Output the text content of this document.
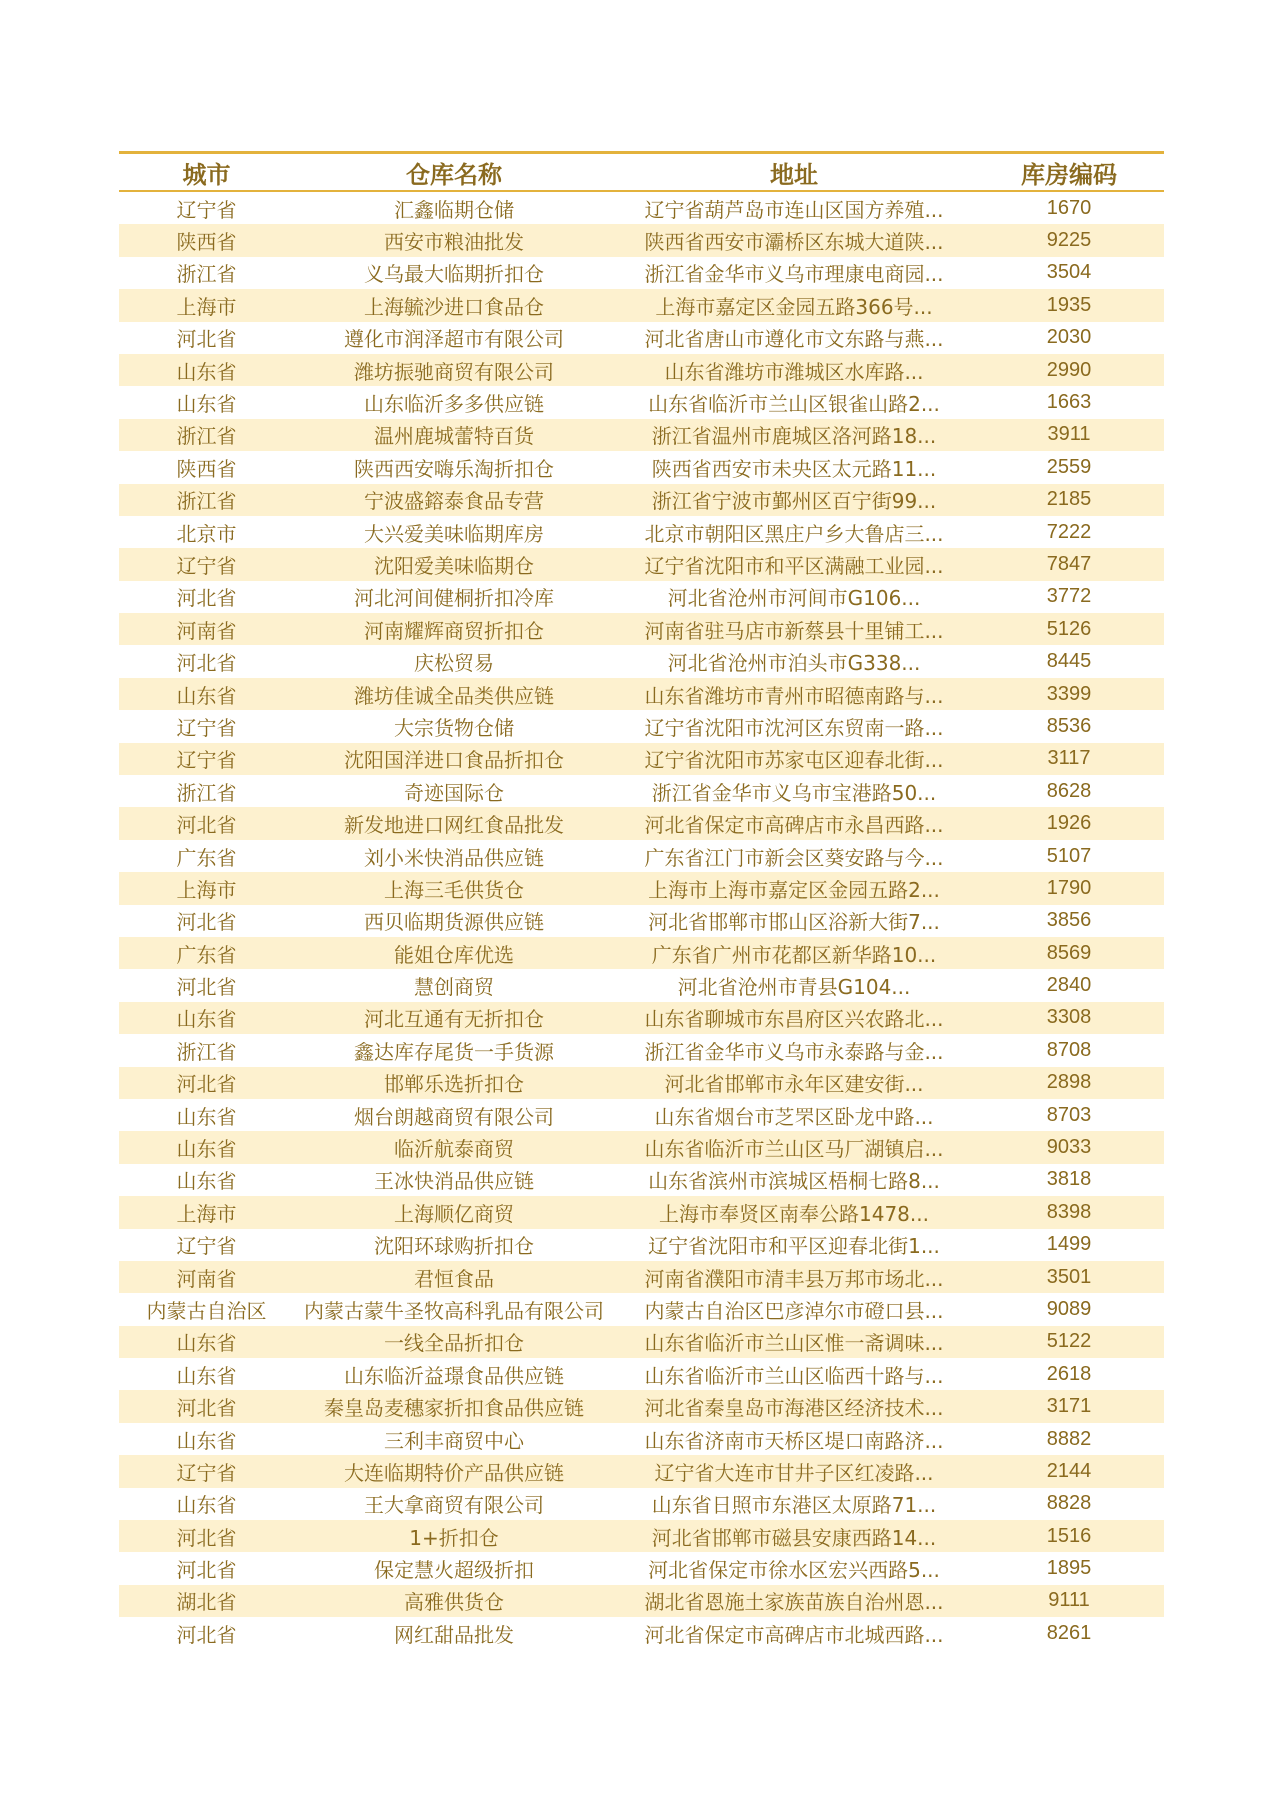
城市	仓库名称	地址	库房编码
辽宁省	汇鑫临期仓储	辽宁省葫芦岛市连山区国方养殖...	1670
陕西省	西安市粮油批发	陕西省西安市灞桥区东城大道陕...	9225
浙江省	义乌最大临期折扣仓	浙江省金华市义乌市理康电商园...	3504
上海市	上海毓沙进口食品仓	上海市嘉定区金园五路366号...	1935
河北省	遵化市润泽超市有限公司	河北省唐山市遵化市文东路与燕...	2030
山东省	潍坊振驰商贸有限公司	山东省潍坊市潍城区水库路...	2990
山东省	山东临沂多多供应链	山东省临沂市兰山区银雀山路2...	1663
浙江省	温州鹿城蕾特百货	浙江省温州市鹿城区洛河路18...	3911
陕西省	陕西西安嗨乐淘折扣仓	陕西省西安市未央区太元路11...	2559
浙江省	宁波盛鎔泰食品专营	浙江省宁波市鄞州区百宁街99...	2185
北京市	大兴爱美味临期库房	北京市朝阳区黑庄户乡大鲁店三...	7222
辽宁省	沈阳爱美味临期仓	辽宁省沈阳市和平区满融工业园...	7847
河北省	河北河间健桐折扣冷库	河北省沧州市河间市G106...	3772
河南省	河南耀辉商贸折扣仓	河南省驻马店市新蔡县十里铺工...	5126
河北省	庆松贸易	河北省沧州市泊头市G338...	8445
山东省	潍坊佳诚全品类供应链	山东省潍坊市青州市昭德南路与...	3399
辽宁省	大宗货物仓储	辽宁省沈阳市沈河区东贸南一路...	8536
辽宁省	沈阳国洋进口食品折扣仓	辽宁省沈阳市苏家屯区迎春北街...	3117
浙江省	奇迹国际仓	浙江省金华市义乌市宝港路50...	8628
河北省	新发地进口网红食品批发	河北省保定市高碑店市永昌西路...	1926
广东省	刘小米快消品供应链	广东省江门市新会区葵安路与今...	5107
上海市	上海三毛供货仓	上海市上海市嘉定区金园五路2...	1790
河北省	西贝临期货源供应链	河北省邯郸市邯山区浴新大街7...	3856
广东省	能姐仓库优选	广东省广州市花都区新华路10...	8569
河北省	慧创商贸	河北省沧州市青县G104...	2840
山东省	河北互通有无折扣仓	山东省聊城市东昌府区兴农路北...	3308
浙江省	鑫达库存尾货一手货源	浙江省金华市义乌市永泰路与金...	8708
河北省	邯郸乐选折扣仓	河北省邯郸市永年区建安街...	2898
山东省	烟台朗越商贸有限公司	山东省烟台市芝罘区卧龙中路...	8703
山东省	临沂航泰商贸	山东省临沂市兰山区马厂湖镇启...	9033
山东省	王冰快消品供应链	山东省滨州市滨城区梧桐七路8...	3818
上海市	上海顺亿商贸	上海市奉贤区南奉公路1478...	8398
辽宁省	沈阳环球购折扣仓	辽宁省沈阳市和平区迎春北街1...	1499
河南省	君恒食品	河南省濮阳市清丰县万邦市场北...	3501
内蒙古自治区	内蒙古蒙牛圣牧高科乳品有限公司	内蒙古自治区巴彦淖尔市磴口县...	9089
山东省	一线全品折扣仓	山东省临沂市兰山区惟一斋调味...	5122
山东省	山东临沂益璟食品供应链	山东省临沂市兰山区临西十路与...	2618
河北省	秦皇岛麦穗家折扣食品供应链	河北省秦皇岛市海港区经济技术...	3171
山东省	三利丰商贸中心	山东省济南市天桥区堤口南路济...	8882
辽宁省	大连临期特价产品供应链	辽宁省大连市甘井子区红凌路...	2144
山东省	王大拿商贸有限公司	山东省日照市东港区太原路71...	8828
河北省	1+折扣仓	河北省邯郸市磁县安康西路14...	1516
河北省	保定慧火超级折扣	河北省保定市徐水区宏兴西路5...	1895
湖北省	高雅供货仓	湖北省恩施土家族苗族自治州恩...	9111
河北省	网红甜品批发	河北省保定市高碑店市北城西路...	8261
